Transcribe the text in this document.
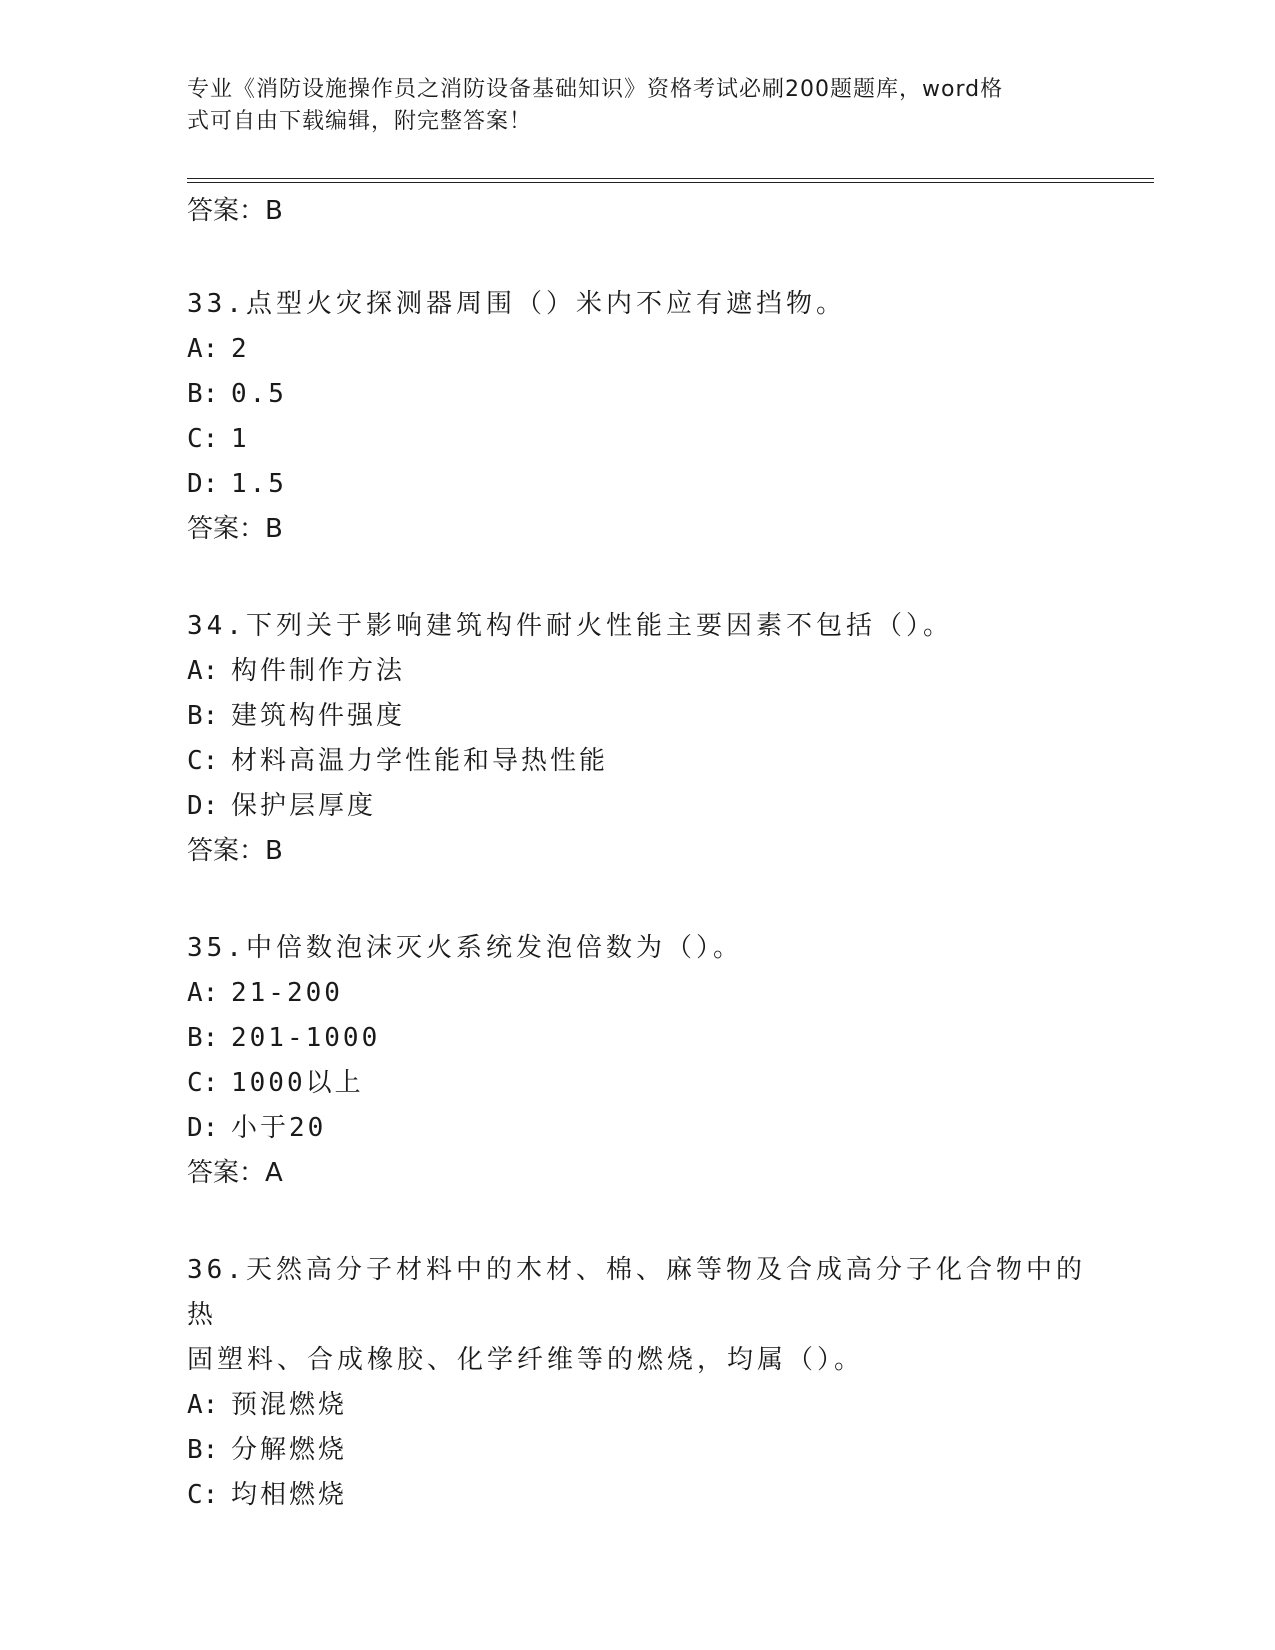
专业《消防设施操作员之消防设备基础知识》资格考试必刷200题题库，word格
式可自由下载编辑，附完整答案！

答案：B

33.点型火灾探测器周围（）米内不应有遮挡物。

A: 2

B: 0.5

C: 1

D: 1.5

答案：B

34.下列关于影响建筑构件耐火性能主要因素不包括（）。

A: 构件制作方法

B: 建筑构件强度

C: 材料高温力学性能和导热性能

D: 保护层厚度

答案：B

35.中倍数泡沫灭火系统发泡倍数为（）。

A: 21-200

B: 201-1000

C: 1000以上

D: 小于20

答案：A

36.天然高分子材料中的木材、棉、麻等物及合成高分子化合物中的热

固塑料、合成橡胶、化学纤维等的燃烧，均属（）。

A: 预混燃烧

B: 分解燃烧

C: 均相燃烧
